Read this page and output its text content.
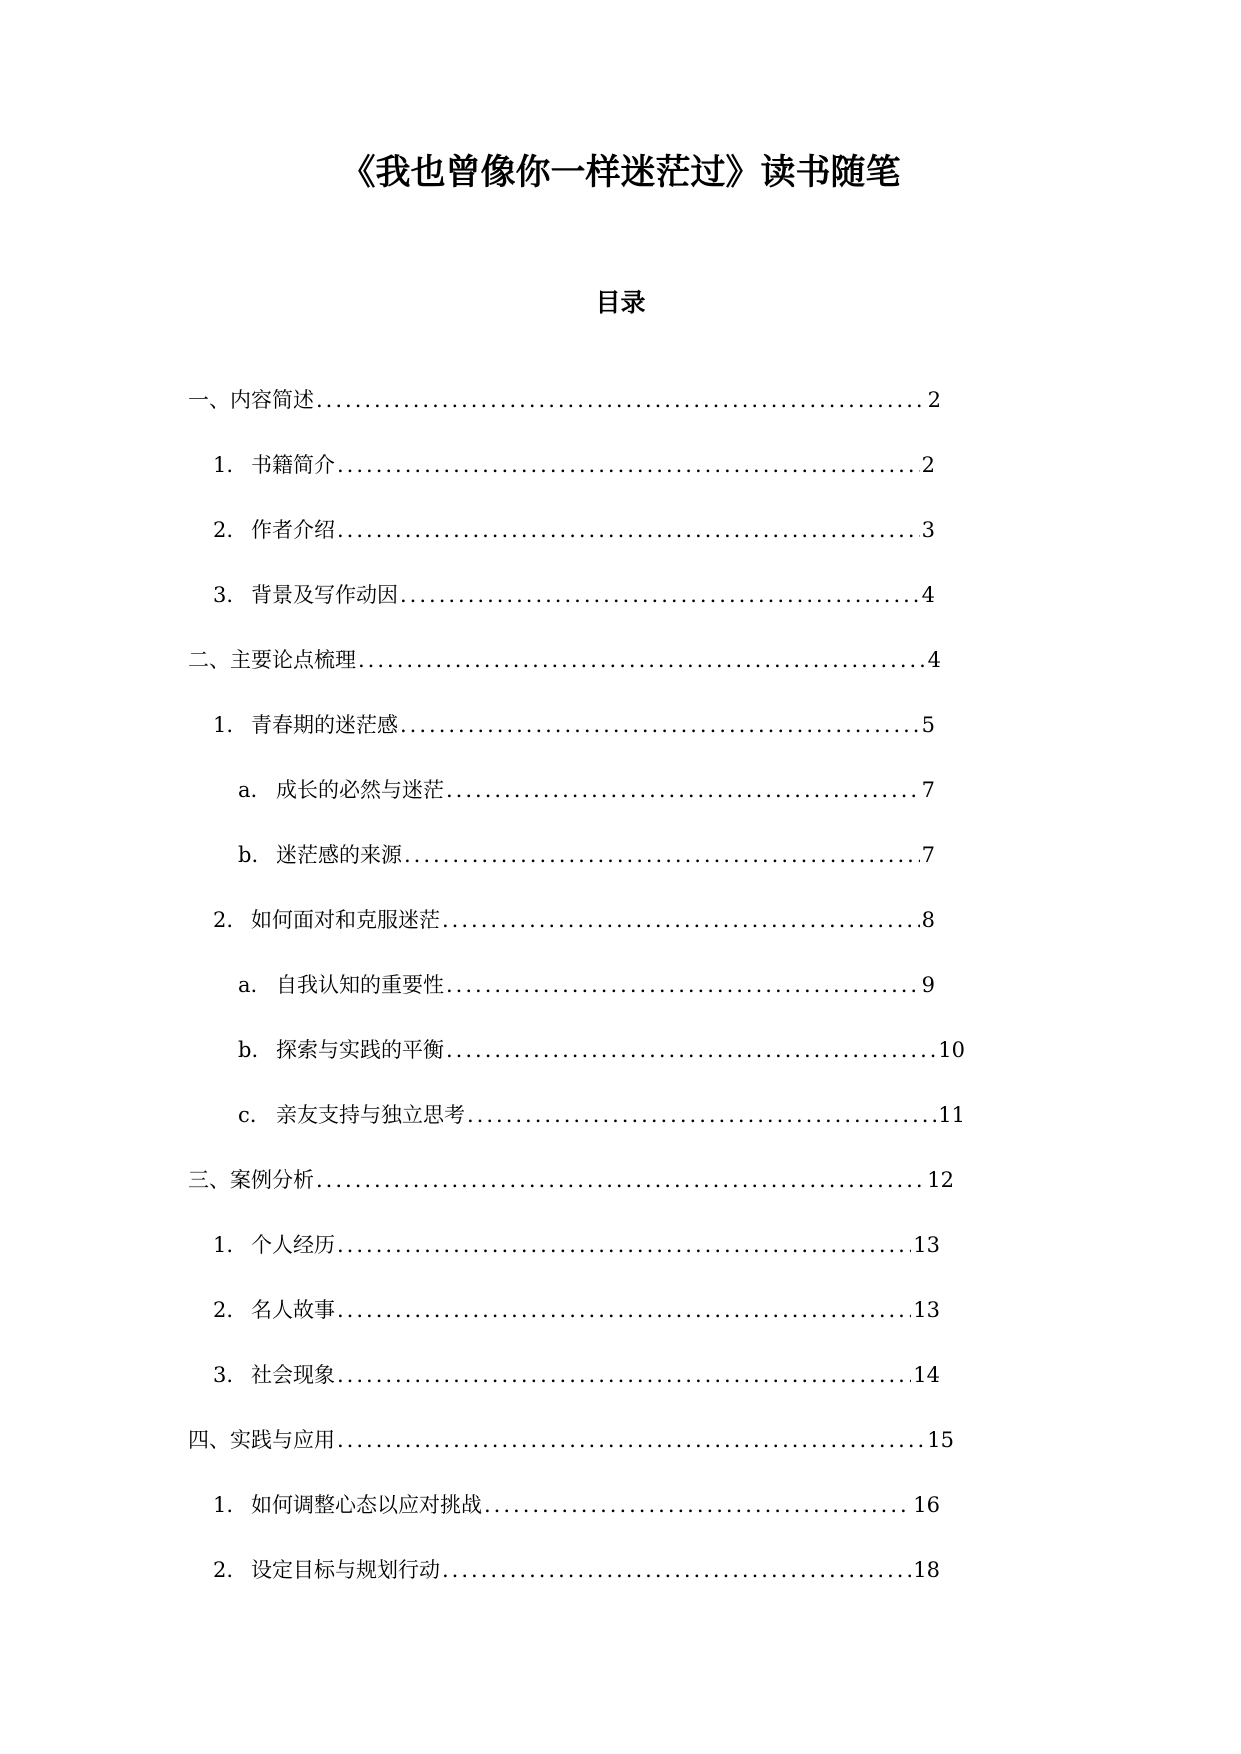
《我也曾像你一样迷茫过》读书随笔
目录
一、 内容简述 .....	2
1. 书籍简介 .....	2
2. 作者介绍 .....	3
3. 背景及写作动因 .....	4
二、 主要论点梳理 .....	4
1. 青春期的迷茫感 .....	5
a. 成长的必然与迷茫 .....	7
b. 迷茫感的来源 .....	7
2. 如何面对和克服迷茫 .....	8
a. 自我认知的重要性 .....	9
b. 探索与实践的平衡 .....	10
c. 亲友支持与独立思考 .....	11
三、 案例分析 .....	12
1. 个人经历 .....	13
2. 名人故事 .....	13
3. 社会现象 .....	14
四、 实践与应用 .....	15
1. 如何调整心态以应对挑战 .....	16
2. 设定目标与规划行动 .....	18
